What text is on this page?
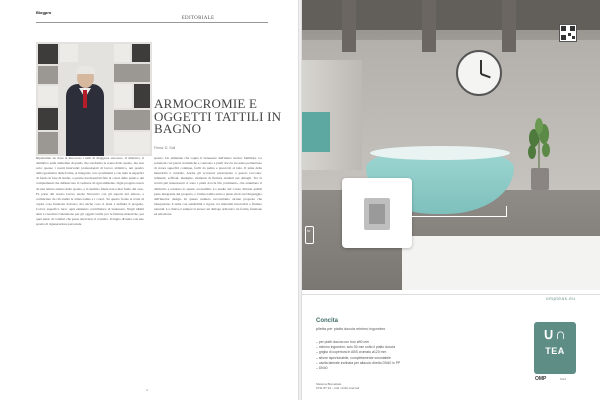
Blogpro
EDITORIALE
ARMOCROMIE E OGGETTI TATTILI IN BAGNO
Firma: D. Soli
Ripartiamo da dove si muovono i temi di maggiore successo. Il didattico, il distintivo sulla attitudine di quello che trasforma la scena dello spazio, ma non solo: spesso i nostri interventi professionali di lavoro abitativo, nel quadro della geometria delle forme, si integrano con i pavimenti e con tutte le superfici di fondo in fase di studio, a partire dai materiali fino ai colori delle pareti e dei complementi che definiscono il carattere di ogni ambiente. Ogni progetto nasce da una lettura attenta dello spazio, e il risultato finale non è mai frutto del caso. Fa parte del nostro lavoro anche l'incontro con gli esperti del settore, a cominciare da chi studia le armocromie e i colori. Su questo fronte si tratta di capire cosa funziona davvero, ma anche cosa ci aiuta a definire il progetto. Colori, superfici, luce: ogni elemento contribuisce al benessere. Negli ultimi anni è cresciuta l'attenzione per gli oggetti tattili, per le finiture materiche, per quel senso di comfort che passa attraverso il contatto. Il bagno diventa così uno spazio di rigenerazione personale.
spazio. Un ambiente che ospita il benessere dell'intero nucleo familiare. Le soluzioni con pareti cromatiche a contrasto e piatti doccia in resina permettono di creare superfici continue, facili da pulire e piacevoli al tatto. Il tema della matericità è centrale. Anche gli accessori partecipano a questo racconto: rubinetti, soffioni, maniglie, elementi di finitura studiati nei dettagli. Tra le novità più interessanti ci sono i piatti doccia filo pavimento, che annullano il dislivello e rendono lo spazio accessibile. Lo studio del colore diventa quindi parte integrante del progetto, e l'armocromia entra a pieno titolo nel linguaggio dell'interior design. In questo numero raccontiamo alcune proposte che interpretano il tema con sensibilità e rigore, tra materiali innovativi e finiture naturali. La chiave è sempre la stessa: un dialogo armonico tra forma, funzione ed emozione.
4
50
ompteas.eu
Concita
piletta per piatto doccia minimo ingombro
– per piatti doccia con foro ø90 mm
– minimo ingombro: solo 50 mm sotto il piatto doccia
– griglia di copertura in ABS cromato ø120 mm
– sifone ispezionabile, completamente smontabile
– uscita laterale inclinata per allaccio diretto DN40 in PP
– DN40
Sistema Brevettato
0731 87 10 – tutti i diritti riservati
∪∩
TEA
OMP	KG2
